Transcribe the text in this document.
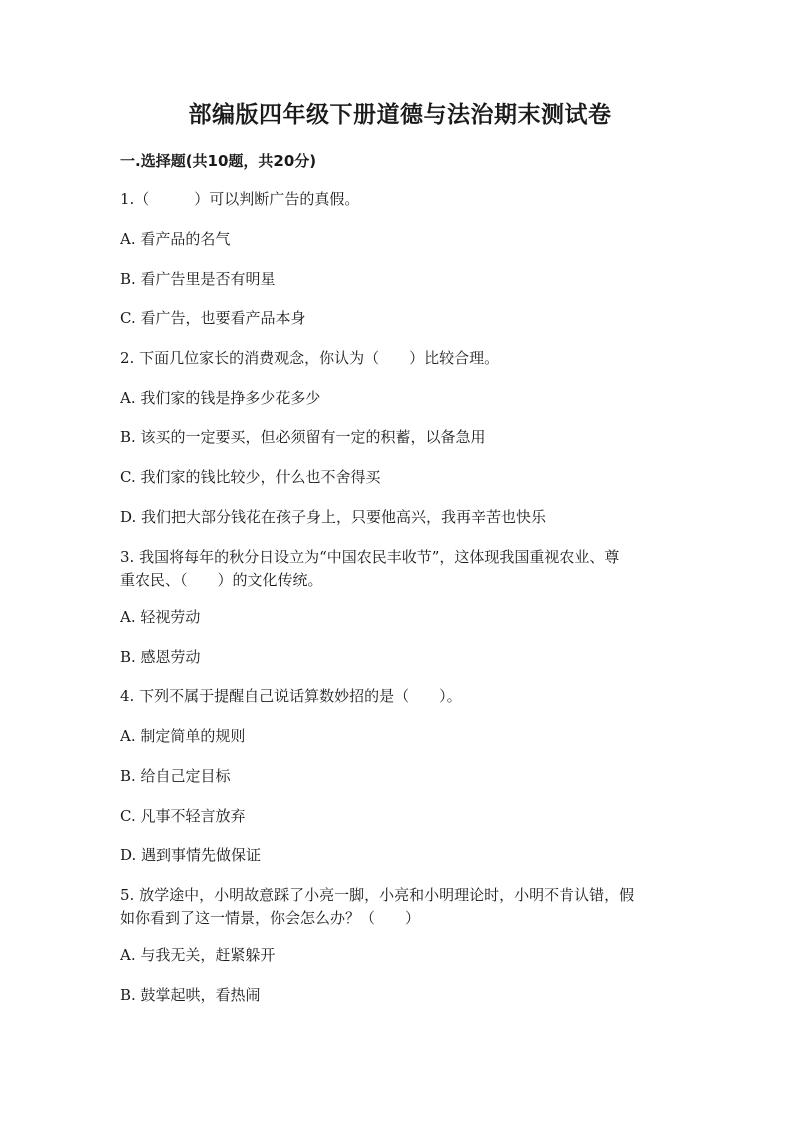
部编版四年级下册道德与法治期末测试卷
一.选择题(共10题，共20分)
1.（　　　）可以判断广告的真假。
A. 看产品的名气
B. 看广告里是否有明星
C. 看广告，也要看产品本身
2. 下面几位家长的消费观念，你认为（　　）比较合理。
A. 我们家的钱是挣多少花多少
B. 该买的一定要买，但必须留有一定的积蓄，以备急用
C. 我们家的钱比较少，什么也不舍得买
D. 我们把大部分钱花在孩子身上，只要他高兴，我再辛苦也快乐
3. 我国将每年的秋分日设立为“中国农民丰收节”，这体现我国重视农业、尊
重农民、（　　）的文化传统。
A. 轻视劳动
B. 感恩劳动
4. 下列不属于提醒自己说话算数妙招的是（　　）。
A. 制定简单的规则
B. 给自己定目标
C. 凡事不轻言放弃
D. 遇到事情先做保证
5. 放学途中，小明故意踩了小亮一脚，小亮和小明理论时，小明不肯认错，假
如你看到了这一情景，你会怎么办？（　　）
A. 与我无关，赶紧躲开
B. 鼓掌起哄，看热闹
